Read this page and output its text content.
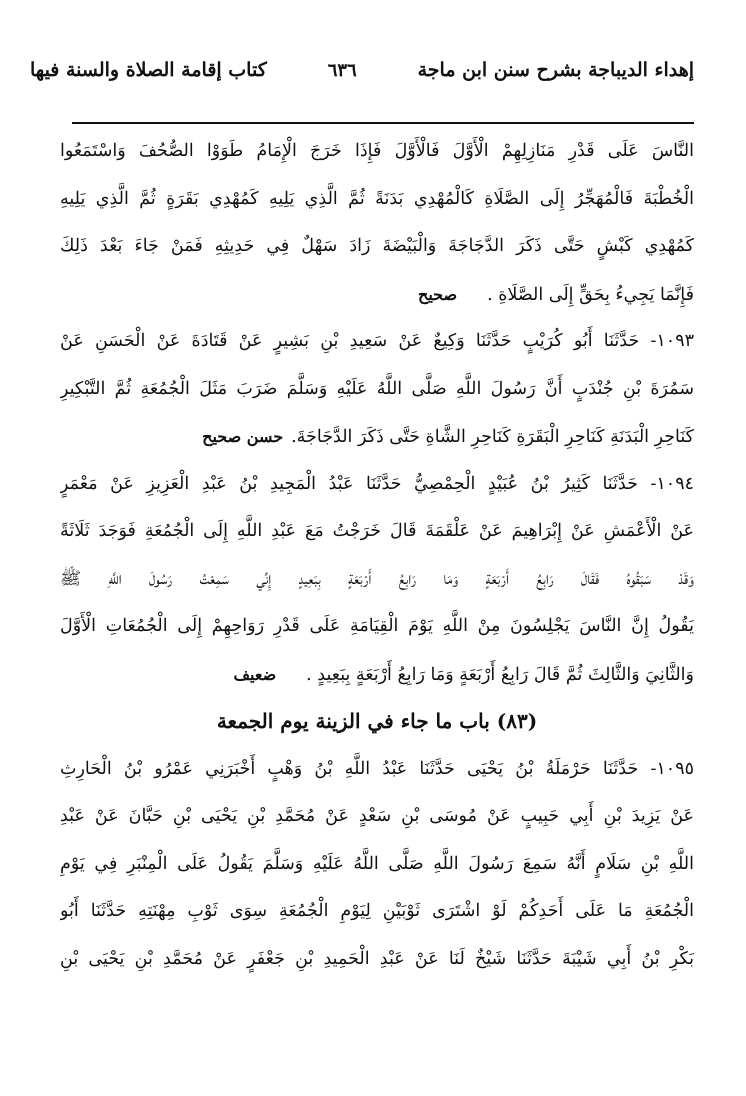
إهداء الديباجة بشرح سنن ابن ماجة
٦٣٦
كتاب إقامة الصلاة والسنة فيها
النَّاسَ عَلَى قَدْرِ مَنَازِلِهِمْ الْأَوَّلَ فَالْأَوَّلَ فَإِذَا خَرَجَ الْإِمَامُ طَوَوْا الصُّحُفَ وَاسْتَمَعُوا
الْخُطْبَةَ فَالْمُهَجِّرُ إِلَى الصَّلَاةِ كَالْمُهْدِي بَدَنَةً ثُمَّ الَّذِي يَلِيهِ كَمُهْدِي بَقَرَةٍ ثُمَّ الَّذِي يَلِيهِ
كَمُهْدِي كَبْشٍ حَتَّى ذَكَرَ الدَّجَاجَةَ وَالْبَيْضَةَ زَادَ سَهْلٌ فِي حَدِيثِهِ فَمَنْ جَاءَ بَعْدَ ذَلِكَ
فَإِنَّمَا يَجِيءُ بِحَقٍّ إِلَى الصَّلَاةِ .صحيح
١٠٩٣- حَدَّثَنَا أَبُو كُرَيْبٍ حَدَّثَنَا وَكِيعٌ عَنْ سَعِيدِ بْنِ بَشِيرٍ عَنْ قَتَادَةَ عَنْ الْحَسَنِ عَنْ
سَمُرَةَ بْنِ جُنْدَبٍ أَنَّ رَسُولَ اللَّهِ صَلَّى اللَّهُ عَلَيْهِ وَسَلَّمَ ضَرَبَ مَثَلَ الْجُمُعَةِ ثُمَّ التَّبْكِيرِ
كَنَاحِرِ الْبَدَنَةِ كَنَاحِرِ الْبَقَرَةِ كَنَاحِرِ الشَّاةِ حَتَّى ذَكَرَ الدَّجَاجَةَ.حسن صحيح
١٠٩٤- حَدَّثَنَا كَثِيرُ بْنُ عُبَيْدٍ الْحِمْصِيُّ حَدَّثَنَا عَبْدُ الْمَجِيدِ بْنُ عَبْدِ الْعَزِيزِ عَنْ مَعْمَرٍ
عَنْ الْأَعْمَشِ عَنْ إِبْرَاهِيمَ عَنْ عَلْقَمَةَ قَالَ خَرَجْتُ مَعَ عَبْدِ اللَّهِ إِلَى الْجُمُعَةِ فَوَجَدَ ثَلَاثَةً
وَقَدْ سَبَقُوهُ فَقَالَ رَابِعُ أَرْبَعَةٍ وَمَا رَابِعُ أَرْبَعَةٍ بِبَعِيدٍ إِنِّي سَمِعْتُ رَسُولَ اللَّهِ ﷺ
يَقُولُ إِنَّ النَّاسَ يَجْلِسُونَ مِنْ اللَّهِ يَوْمَ الْقِيَامَةِ عَلَى قَدْرِ رَوَاحِهِمْ إِلَى الْجُمُعَاتِ الْأَوَّلَ
وَالثَّانِيَ وَالثَّالِثَ ثُمَّ قَالَ رَابِعُ أَرْبَعَةٍ وَمَا رَابِعُ أَرْبَعَةٍ بِبَعِيدٍ .ضعيف
(٨٣) باب ما جاء في الزينة يوم الجمعة
١٠٩٥- حَدَّثَنَا حَرْمَلَةُ بْنُ يَحْيَى حَدَّثَنَا عَبْدُ اللَّهِ بْنُ وَهْبٍ أَخْبَرَنِي عَمْرُو بْنُ الْحَارِثِ
عَنْ يَزِيدَ بْنِ أَبِي حَبِيبٍ عَنْ مُوسَى بْنِ سَعْدٍ عَنْ مُحَمَّدِ بْنِ يَحْيَى بْنِ حَبَّانَ عَنْ عَبْدِ
اللَّهِ بْنِ سَلَامٍ أَنَّهُ سَمِعَ رَسُولَ اللَّهِ صَلَّى اللَّهُ عَلَيْهِ وَسَلَّمَ يَقُولُ عَلَى الْمِنْبَرِ فِي يَوْمِ
الْجُمُعَةِ مَا عَلَى أَحَدِكُمْ لَوْ اشْتَرَى ثَوْبَيْنِ لِيَوْمِ الْجُمُعَةِ سِوَى ثَوْبِ مِهْنَتِهِ حَدَّثَنَا أَبُو
بَكْرِ بْنُ أَبِي شَيْبَةَ حَدَّثَنَا شَيْخٌ لَنَا عَنْ عَبْدِ الْحَمِيدِ بْنِ جَعْفَرٍ عَنْ مُحَمَّدِ بْنِ يَحْيَى بْنِ
